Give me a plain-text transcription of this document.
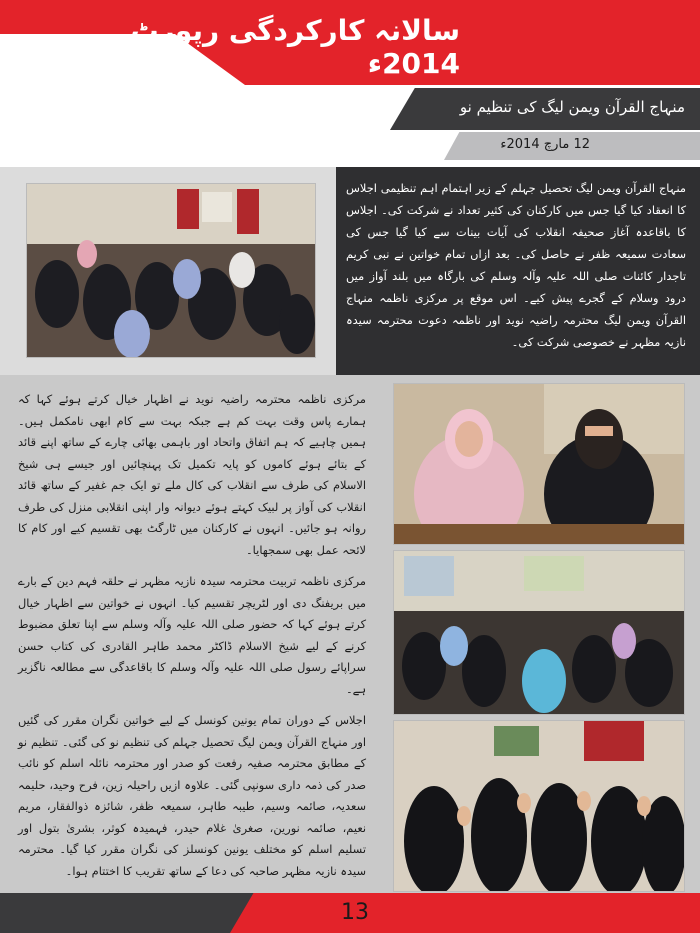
سالانہ کارکردگی رپورٹ 2014ء
منہاج القرآن ویمن لیگ کی تنظیم نو
12 مارچ 2014ء
منہاج القرآن ویمن لیگ تحصیل جہلم کے زیر اہتمام اہم تنظیمی اجلاس کا انعقاد کیا گیا جس میں کارکنان کی کثیر تعداد نے شرکت کی۔ اجلاس کا باقاعدہ آغاز صحیفہ انقلاب کی آیات بینات سے کیا گیا جس کی سعادت سمیعہ ظفر نے حاصل کی۔ بعد ازاں تمام خواتین نے نبی کریم تاجدار کائنات صلی اللہ علیہ وآلہ وسلم کی بارگاہ میں بلند آواز میں درود وسلام کے گجرے پیش کیے۔ اس موقع پر مرکزی ناظمہ منہاج القرآن ویمن لیگ محترمہ راضیہ نوید اور ناظمہ دعوت محترمہ سیدہ نازیہ مظہر نے خصوصی شرکت کی۔

مرکزی ناظمہ محترمہ راضیہ نوید نے اظہار خیال کرتے ہوئے کہا کہ ہمارے پاس وقت بہت کم ہے جبکہ بہت سے کام ابھی نامکمل ہیں۔ ہمیں چاہیے کہ ہم اتفاق واتحاد اور باہمی بھائی چارے کے ساتھ اپنے قائد کے بتائے ہوئے کاموں کو پایہ تکمیل تک پہنچائیں اور جیسے ہی شیخ الاسلام کی طرف سے انقلاب کی کال ملے تو ایک جم غفیر کے ساتھ قائد انقلاب کی آواز پر لبیک کہتے ہوئے دیوانہ وار اپنی انقلابی منزل کی طرف روانہ ہو جائیں۔ انہوں نے کارکنان میں ٹارگٹ بھی تقسیم کیے اور کام کا لائحہ عمل بھی سمجھایا۔

مرکزی ناظمہ تربیت محترمہ سیدہ نازیہ مظہر نے حلقہ فہم دین کے بارے میں بریفنگ دی اور لٹریچر تقسیم کیا۔ انہوں نے خواتین سے اظہار خیال کرتے ہوئے کہا کہ حضور صلی اللہ علیہ وآلہ وسلم سے اپنا تعلق مضبوط کرنے کے لیے شیخ الاسلام ڈاکٹر محمد طاہر القادری کی کتاب حسن سراپائے رسول صلی اللہ علیہ وآلہ وسلم کا باقاعدگی سے مطالعہ ناگزیر ہے۔

اجلاس کے دوران تمام یونین کونسل کے لیے خواتین نگران مقرر کی گئیں اور منہاج القرآن ویمن لیگ تحصیل جہلم کی تنظیم نو کی گئی۔ تنظیم نو کے مطابق محترمہ صفیہ رفعت کو صدر اور محترمہ نائلہ اسلم کو نائب صدر کی ذمہ داری سونپی گئی۔ علاوہ ازیں راحیلہ زین، فرح وحید، حلیمہ سعدیہ، صائمہ وسیم، طیبہ طاہر، سمیعہ ظفر، شائزہ ذوالفقار، مریم نعیم، صائمہ نورین، صغریٰ غلام حیدر، فہمیدہ کوثر، بشریٰ بتول اور تسلیم اسلم کو مختلف یونین کونسلز کی نگران مقرر کیا گیا۔ محترمہ سیدہ نازیہ مظہر صاحبہ کی دعا کے ساتھ تقریب کا اختتام ہوا۔

13
